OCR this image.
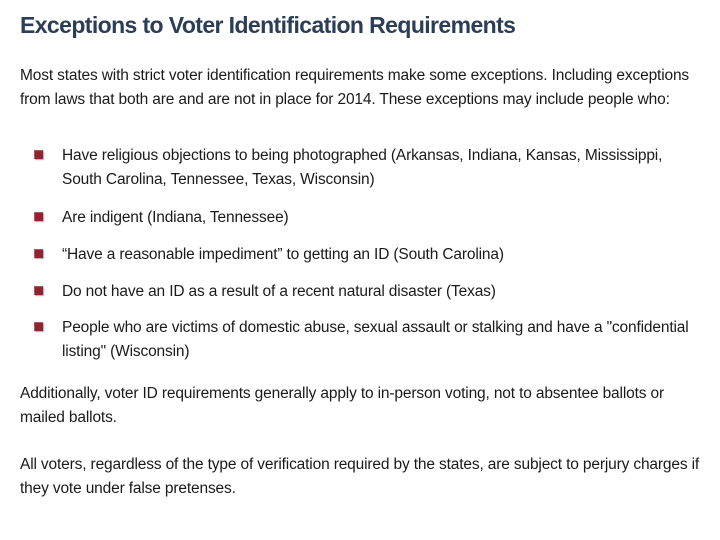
Exceptions to Voter Identification Requirements

Most states with strict voter identification requirements make some exceptions. Including exceptions from laws that both are and are not in place for 2014. These exceptions may include people who:

Have religious objections to being photographed (Arkansas, Indiana, Kansas, Mississippi, South Carolina, Tennessee, Texas, Wisconsin)
Are indigent (Indiana, Tennessee)
“Have a reasonable impediment” to getting an ID (South Carolina)
Do not have an ID as a result of a recent natural disaster (Texas)
People who are victims of domestic abuse, sexual assault or stalking and have a "confidential listing" (Wisconsin)

Additionally, voter ID requirements generally apply to in-person voting, not to absentee ballots or mailed ballots.

All voters, regardless of the type of verification required by the states, are subject to perjury charges if they vote under false pretenses.
